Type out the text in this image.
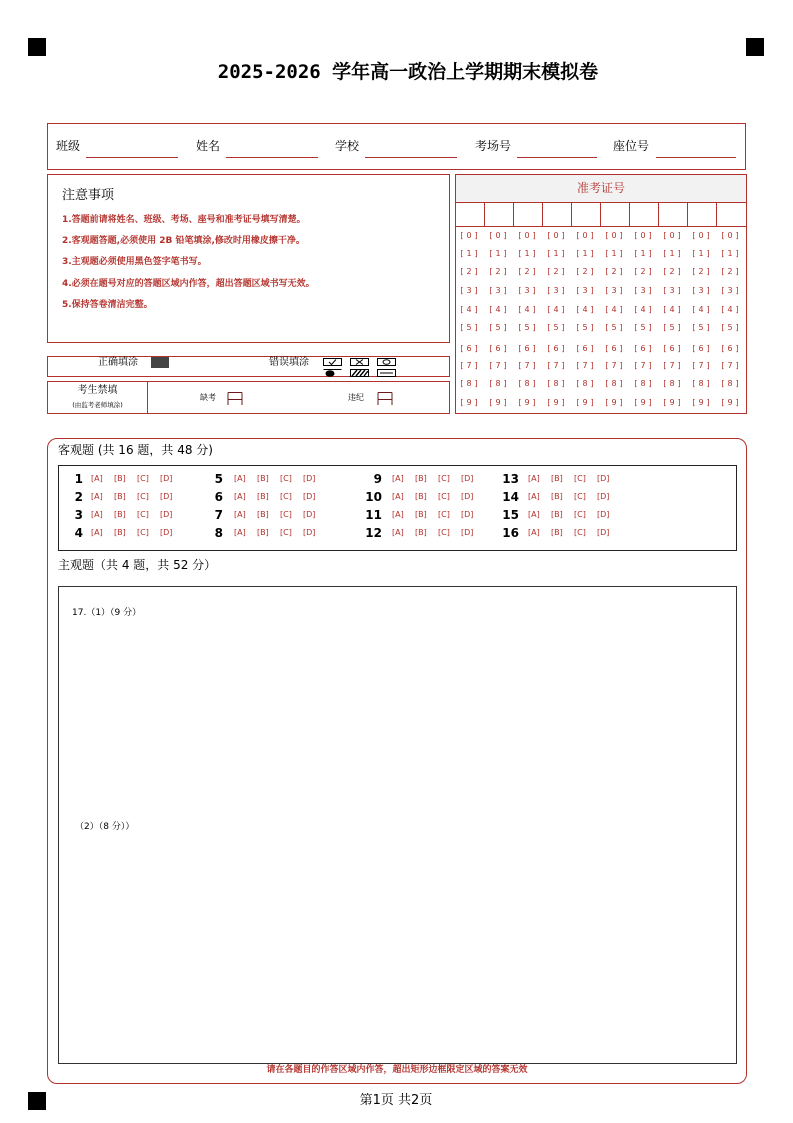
2025-2026 学年高一政治上学期期末模拟卷
班级	姓名	学校	考场号	座位号
注意事项
1.答题前请将姓名、班级、考场、座号和准考证号填写清楚。
2.客观题答题,必须使用 2B 铅笔填涂,修改时用橡皮擦干净。
3.主观题必须使用黑色签字笔书写。
4.必须在题号对应的答题区域内作答，超出答题区域书写无效。
5.保持答卷清洁完整。
正确填涂	错误填涂
考生禁填
(由监考老师填涂)
缺考	违纪
准考证号
[0]	[0]	[0]	[0]	[0]	[0]	[0]	[0]	[0]	[0]
[1]	[1]	[1]	[1]	[1]	[1]	[1]	[1]	[1]	[1]
[2]	[2]	[2]	[2]	[2]	[2]	[2]	[2]	[2]	[2]
[3]	[3]	[3]	[3]	[3]	[3]	[3]	[3]	[3]	[3]
[4]	[4]	[4]	[4]	[4]	[4]	[4]	[4]	[4]	[4]
[5]	[5]	[5]	[5]	[5]	[5]	[5]	[5]	[5]	[5]
[6]	[6]	[6]	[6]	[6]	[6]	[6]	[6]	[6]	[6]
[7]	[7]	[7]	[7]	[7]	[7]	[7]	[7]	[7]	[7]
[8]	[8]	[8]	[8]	[8]	[8]	[8]	[8]	[8]	[8]
[9]	[9]	[9]	[9]	[9]	[9]	[9]	[9]	[9]	[9]
客观题 (共 16 题，共 48 分)
1 [A] [B] [C] [D]
2 [A] [B] [C] [D]
3 [A] [B] [C] [D]
4 [A] [B] [C] [D]
5 [A] [B] [C] [D]
6 [A] [B] [C] [D]
7 [A] [B] [C] [D]
8 [A] [B] [C] [D]
9 [A] [B] [C] [D]
10 [A] [B] [C] [D]
11 [A] [B] [C] [D]
12 [A] [B] [C] [D]
13 [A] [B] [C] [D]
14 [A] [B] [C] [D]
15 [A] [B] [C] [D]
16 [A] [B] [C] [D]
主观题（共 4 题，共 52 分）
17.（1）（9 分）
（2）（8 分））
请在各题目的作答区域内作答，超出矩形边框限定区域的答案无效
第1页 共2页
